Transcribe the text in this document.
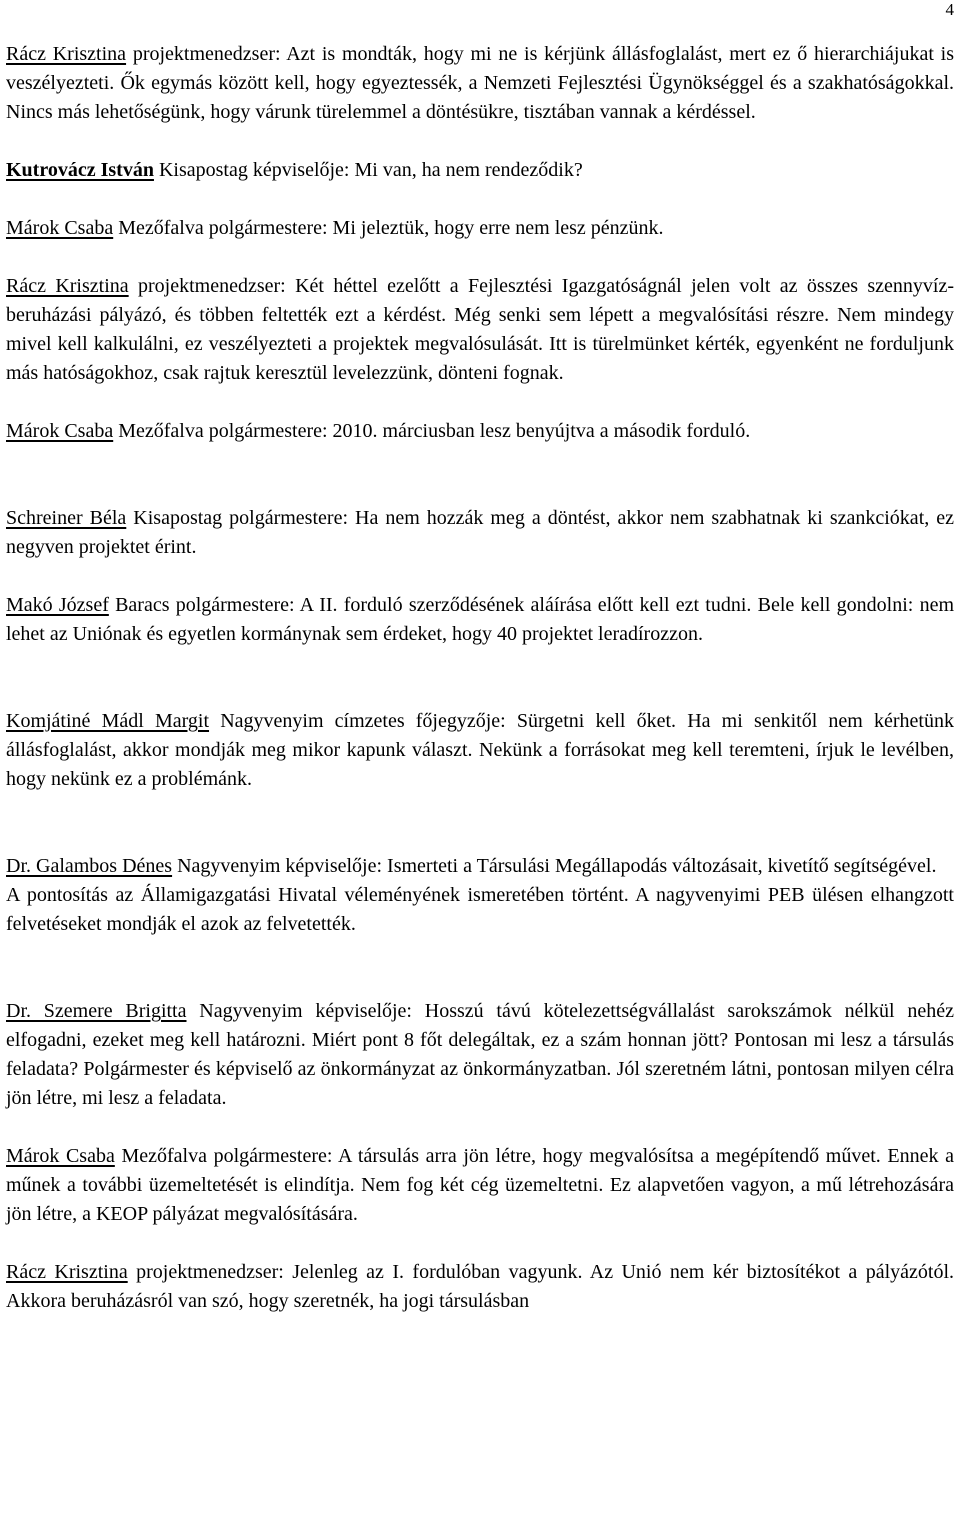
4

Rácz Krisztina projektmenedzser: Azt is mondták, hogy mi ne is kérjünk állásfoglalást, mert ez ő hierarchiájukat is veszélyezteti. Ők egymás között kell, hogy egyeztessék, a Nemzeti Fejlesztési Ügynökséggel és a szakhatóságokkal. Nincs más lehetőségünk, hogy várunk türelemmel a döntésükre, tisztában vannak a kérdéssel.

Kutrovácz István Kisapostag képviselője: Mi van, ha nem rendeződik?

Márok Csaba Mezőfalva polgármestere: Mi jeleztük, hogy erre nem lesz pénzünk.

Rácz Krisztina projektmenedzser: Két héttel ezelőtt a Fejlesztési Igazgatóságnál jelen volt az összes szennyvíz-beruházási pályázó, és többen feltették ezt a kérdést. Még senki sem lépett a megvalósítási részre. Nem mindegy mivel kell kalkulálni, ez veszélyezteti a projektek megvalósulását. Itt is türelmünket kérték, egyenként ne forduljunk más hatóságokhoz, csak rajtuk keresztül levelezzünk, dönteni fognak.

Márok Csaba Mezőfalva polgármestere: 2010. márciusban lesz benyújtva a második forduló.

Schreiner Béla Kisapostag polgármestere: Ha nem hozzák meg a döntést, akkor nem szabhatnak ki szankciókat, ez negyven projektet érint.

Makó József Baracs polgármestere: A II. forduló szerződésének aláírása előtt kell ezt tudni. Bele kell gondolni: nem lehet az Uniónak és egyetlen kormánynak sem érdeket, hogy 40 projektet leradírozzon.

Komjátiné Mádl Margit Nagyvenyim címzetes főjegyzője: Sürgetni kell őket. Ha mi senkitől nem kérhetünk állásfoglalást, akkor mondják meg mikor kapunk választ. Nekünk a forrásokat meg kell teremteni, írjuk le levélben, hogy nekünk ez a problémánk.

Dr. Galambos Dénes Nagyvenyim képviselője: Ismerteti a Társulási Megállapodás változásait, kivetítő segítségével.

A pontosítás az Államigazgatási Hivatal véleményének ismeretében történt. A nagyvenyimi PEB ülésen elhangzott felvetéseket mondják el azok az felvetették.

Dr. Szemere Brigitta Nagyvenyim képviselője: Hosszú távú kötelezettségvállalást sarokszámok nélkül nehéz elfogadni, ezeket meg kell határozni. Miért pont 8 főt delegáltak, ez a szám honnan jött? Pontosan mi lesz a társulás feladata? Polgármester és képviselő az önkormányzat az önkormányzatban. Jól szeretném látni, pontosan milyen célra jön létre, mi lesz a feladata.

Márok Csaba Mezőfalva polgármestere: A társulás arra jön létre, hogy megvalósítsa a megépítendő művet. Ennek a műnek a további üzemeltetését is elindítja. Nem fog két cég üzemeltetni. Ez alapvetően vagyon, a mű létrehozására jön létre, a KEOP pályázat megvalósítására.

Rácz Krisztina projektmenedzser: Jelenleg az I. fordulóban vagyunk. Az Unió nem kér biztosítékot a pályázótól. Akkora beruházásról van szó, hogy szeretnék, ha jogi társulásban
